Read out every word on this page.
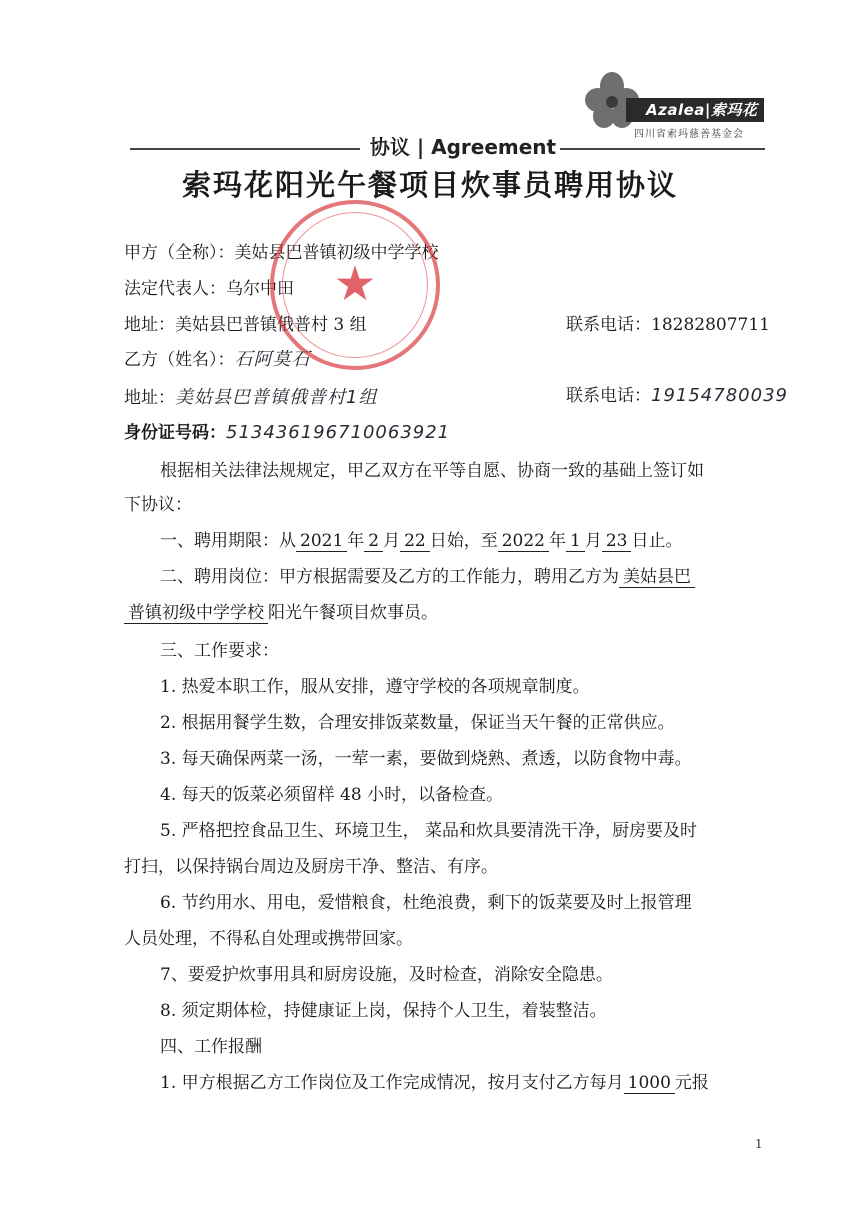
Azalea|索玛花
四川省索玛慈善基金会
协议 | Agreement
索玛花阳光午餐项目炊事员聘用协议
甲方（全称）：美姑县巴普镇初级中学学校
法定代表人：乌尔中田
地址：美姑县巴普镇俄普村 3 组	联系电话：18282807711
★
乙方（姓名）：石阿莫石
地址：美姑县巴普镇俄普村1组	联系电话：19154780039
身份证号码：513436196710063921
根据相关法律法规规定，甲乙双方在平等自愿、协商一致的基础上签订如
下协议：
一、聘用期限：从 2021 年 2 月 22 日始，至 2022 年 1 月 23 日止。
二、聘用岗位：甲方根据需要及乙方的工作能力，聘用乙方为 美姑县巴
普镇初级中学学校 阳光午餐项目炊事员。
三、工作要求：
1. 热爱本职工作，服从安排，遵守学校的各项规章制度。
2. 根据用餐学生数，合理安排饭菜数量，保证当天午餐的正常供应。
3. 每天确保两菜一汤，一荤一素，要做到烧熟、煮透，以防食物中毒。
4. 每天的饭菜必须留样 48 小时，以备检查。
5. 严格把控食品卫生、环境卫生， 菜品和炊具要清洗干净，厨房要及时
打扫，以保持锅台周边及厨房干净、整洁、有序。
6. 节约用水、用电，爱惜粮食，杜绝浪费，剩下的饭菜要及时上报管理
人员处理，不得私自处理或携带回家。
7、要爱护炊事用具和厨房设施，及时检查，消除安全隐患。
8. 须定期体检，持健康证上岗，保持个人卫生，着装整洁。
四、工作报酬
1. 甲方根据乙方工作岗位及工作完成情况，按月支付乙方每月 1000 元报
1
